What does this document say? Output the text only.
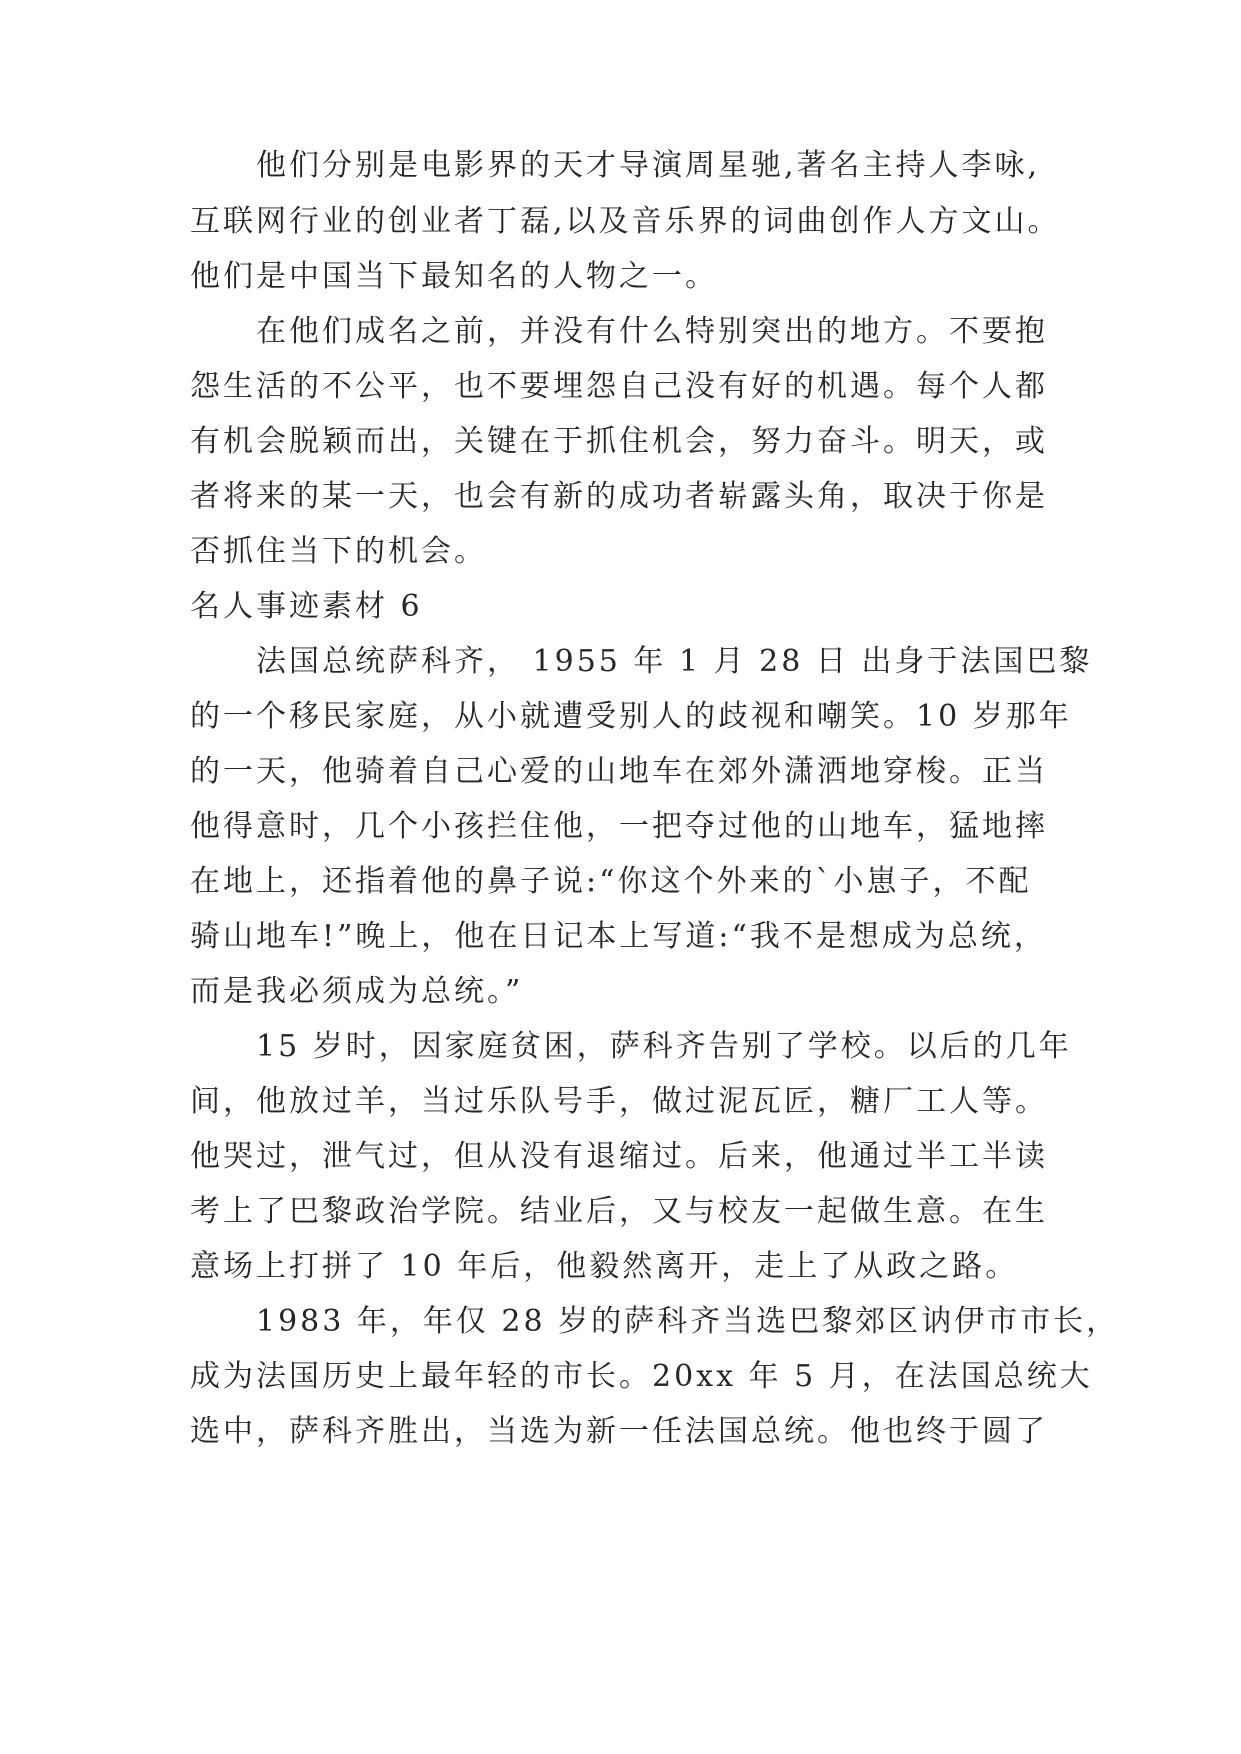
他们分别是电影界的天才导演周星驰,著名主持人李咏,
互联网行业的创业者丁磊,以及音乐界的词曲创作人方文山。
他们是中国当下最知名的人物之一。
在他们成名之前，并没有什么特别突出的地方。不要抱
怨生活的不公平，也不要埋怨自己没有好的机遇。每个人都
有机会脱颖而出，关键在于抓住机会，努力奋斗。明天，或
者将来的某一天，也会有新的成功者崭露头角，取决于你是
否抓住当下的机会。
名人事迹素材 6
法国总统萨科齐， 1955 年 1 月 28 日 出身于法国巴黎
的一个移民家庭，从小就遭受别人的歧视和嘲笑。10 岁那年
的一天，他骑着自己心爱的山地车在郊外潇洒地穿梭。正当
他得意时，几个小孩拦住他，一把夺过他的山地车，猛地摔
在地上，还指着他的鼻子说:“你这个外来的`小崽子，不配
骑山地车!”晚上，他在日记本上写道:“我不是想成为总统，
而是我必须成为总统。”
15 岁时，因家庭贫困，萨科齐告别了学校。以后的几年
间，他放过羊，当过乐队号手，做过泥瓦匠，糖厂工人等。
他哭过，泄气过，但从没有退缩过。后来，他通过半工半读
考上了巴黎政治学院。结业后，又与校友一起做生意。在生
意场上打拼了 10 年后，他毅然离开，走上了从政之路。
1983 年，年仅 28 岁的萨科齐当选巴黎郊区讷伊市市长，
成为法国历史上最年轻的市长。20xx 年 5 月，在法国总统大
选中，萨科齐胜出，当选为新一任法国总统。他也终于圆了
